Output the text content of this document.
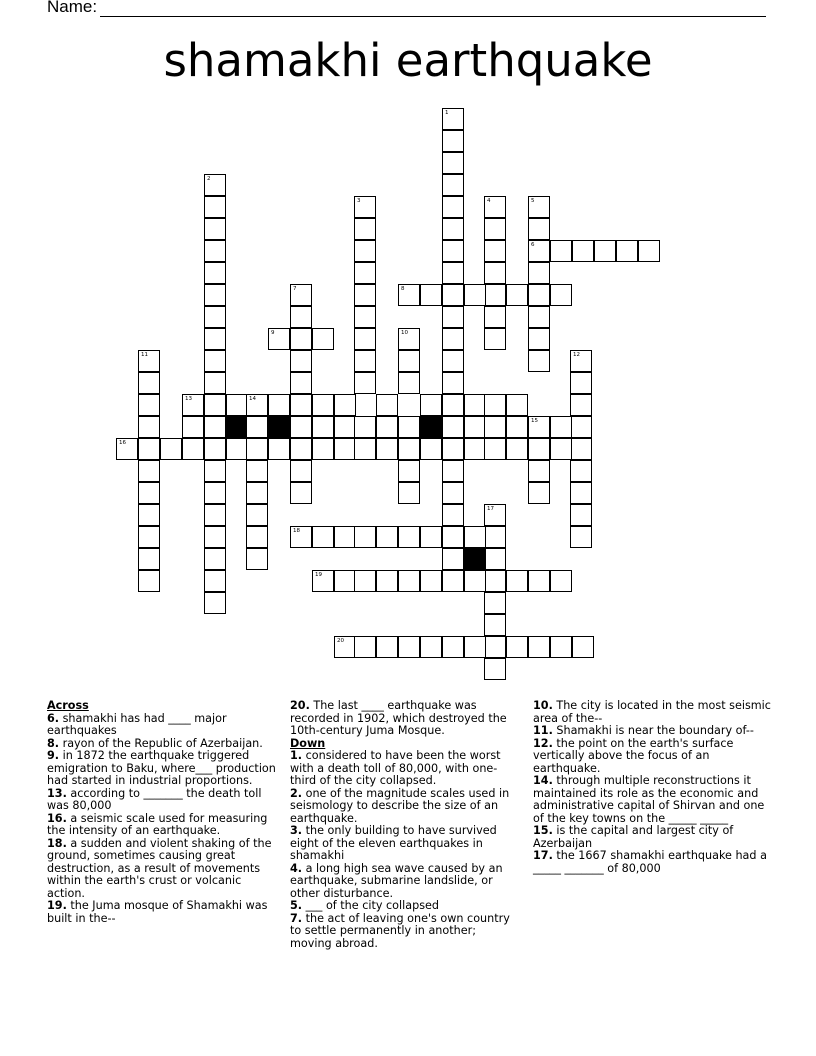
Name:
shamakhi earthquake
1
2
3	4	5
6
7	8
9	10
11	12
13	14
15
16
17
18
19
20
Across
6. shamakhi has had ____ major earthquakes
8. rayon of the Republic of Azerbaijan.
9. in 1872 the earthquake triggered emigration to Baku, where___ production had started in industrial proportions.
13. according to _______ the death toll was 80,000
16. a seismic scale used for measuring the intensity of an earthquake.
18. a sudden and violent shaking of the ground, sometimes causing great destruction, as a result of movements within the earth's crust or volcanic action.
19. the Juma mosque of Shamakhi was built in the--
20. The last ____ earthquake was recorded in 1902, which destroyed the 10th-century Juma Mosque.
Down
1. considered to have been the worst with a death toll of 80,000, with one-third of the city collapsed.
2. one of the magnitude scales used in seismology to describe the size of an earthquake.
3. the only building to have survived eight of the eleven earthquakes in shamakhi
4. a long high sea wave caused by an earthquake, submarine landslide, or other disturbance.
5. ___ of the city collapsed
7. the act of leaving one's own country to settle permanently in another; moving abroad.
10. The city is located in the most seismic area of the--
11. Shamakhi is near the boundary of--
12. the point on the earth's surface vertically above the focus of an earthquake.
14. through multiple reconstructions it maintained its role as the economic and administrative capital of Shirvan and one of the key towns on the _____ _____
15. is the capital and largest city of Azerbaijan
17. the 1667 shamakhi earthquake had a _____ _______ of 80,000
